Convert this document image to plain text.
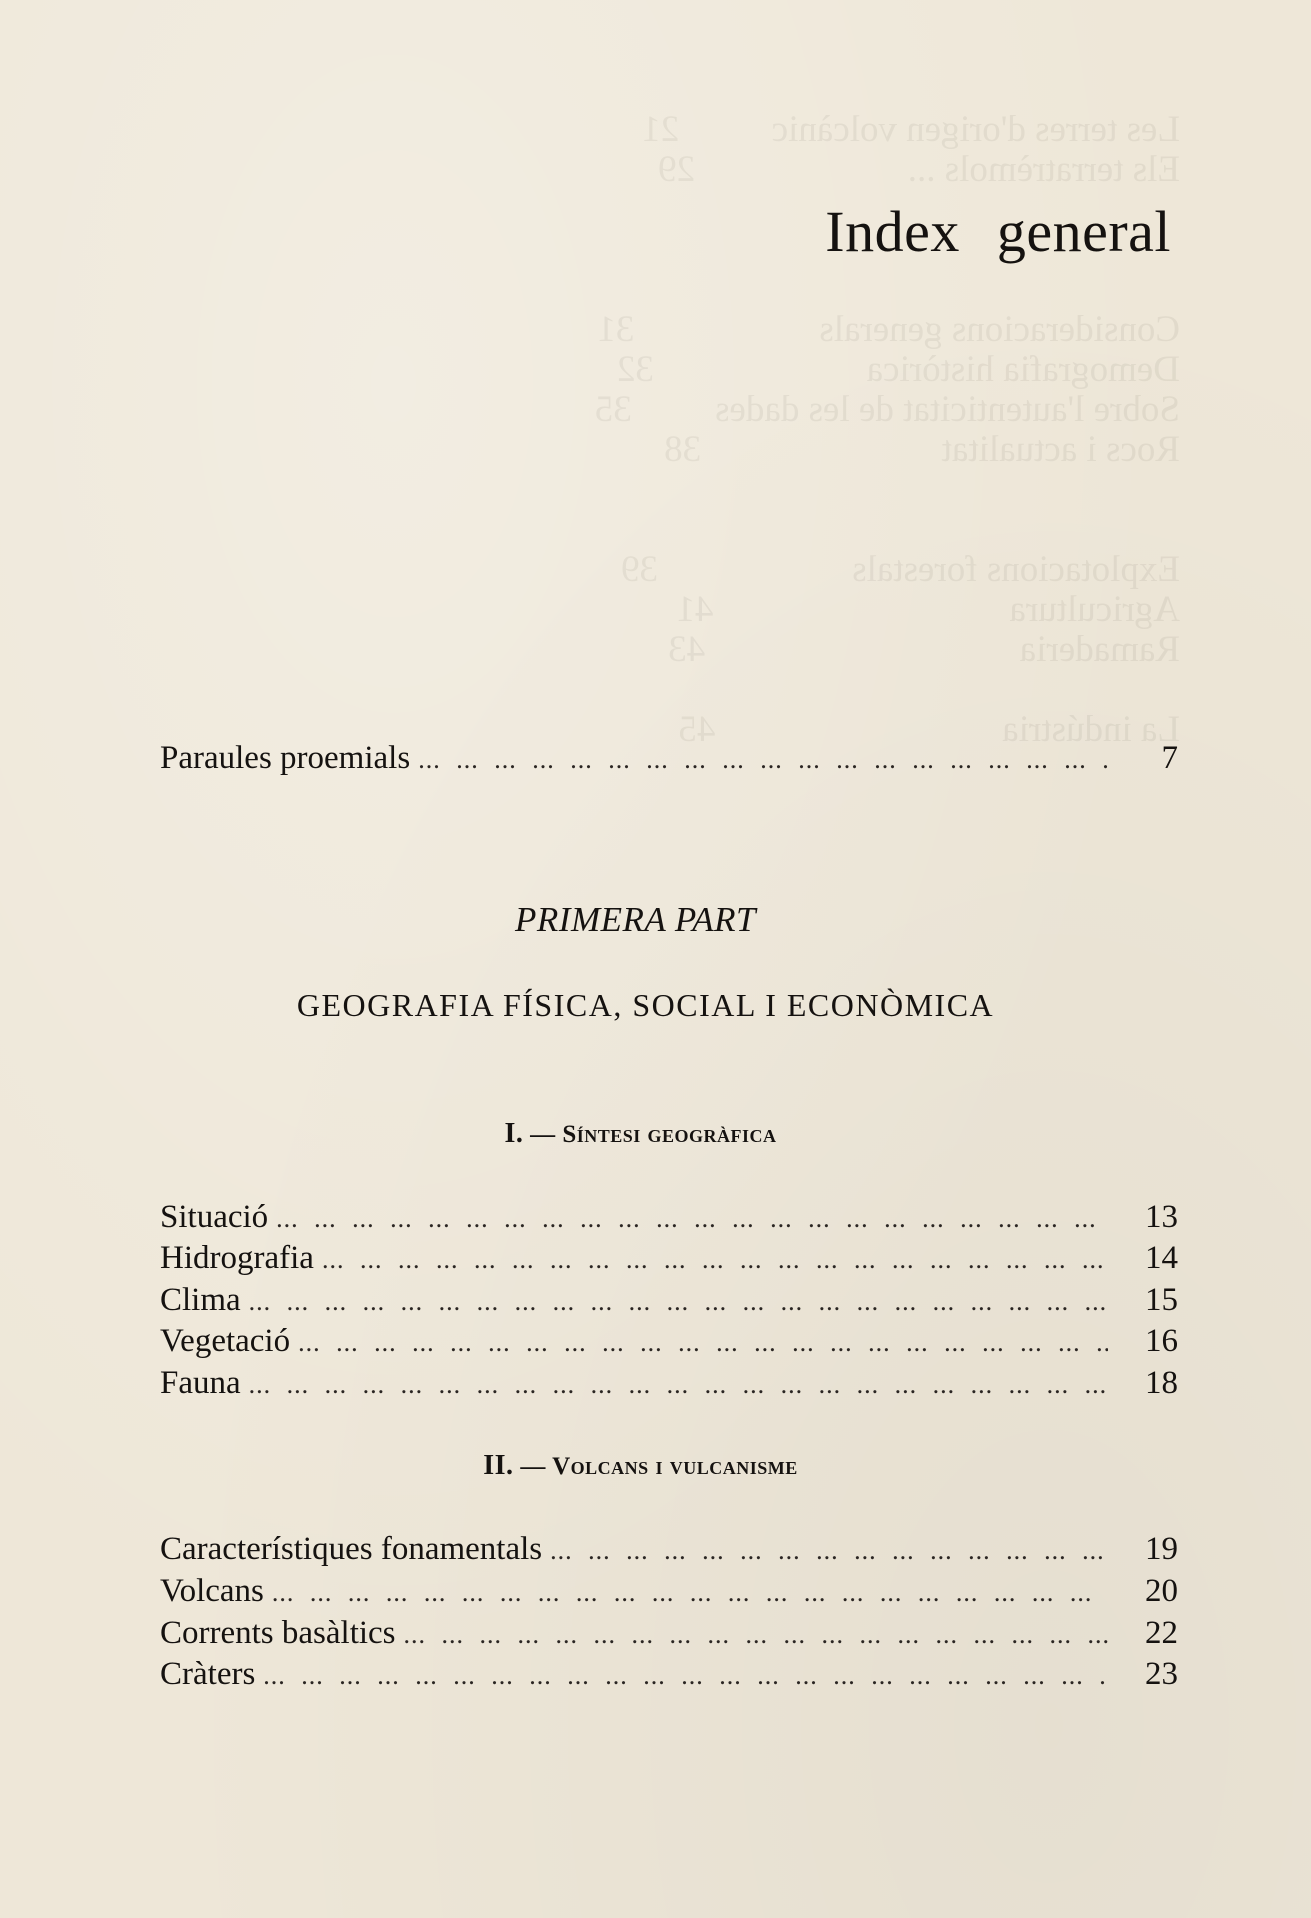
Les terres d'origen volcànic          21
Els terratrèmols ...                       29

Consideracions generals                    31
Demografia històrica                       32
Sobre l'autenticitat de les dades         35
Rocs i actualitat                          38

Explotacions forestals                     39
Agricultura                                41
Ramaderia                                  43

La indústria                               45
Index general
Paraules proemials ... .	7
PRIMERA PART
GEOGRAFIA FÍSICA, SOCIAL I ECONÒMICA
I. — Síntesi geogràfica
Situació ... .	13
Hidrografia ... .	14
Clima ... .	15
Vegetació ... .	16
Fauna ... .	18
II. — Volcans i vulcanisme
Característiques fonamentals ... .	19
Volcans ... .	20
Corrents basàltics ... .	22
Cràters ... .	23
